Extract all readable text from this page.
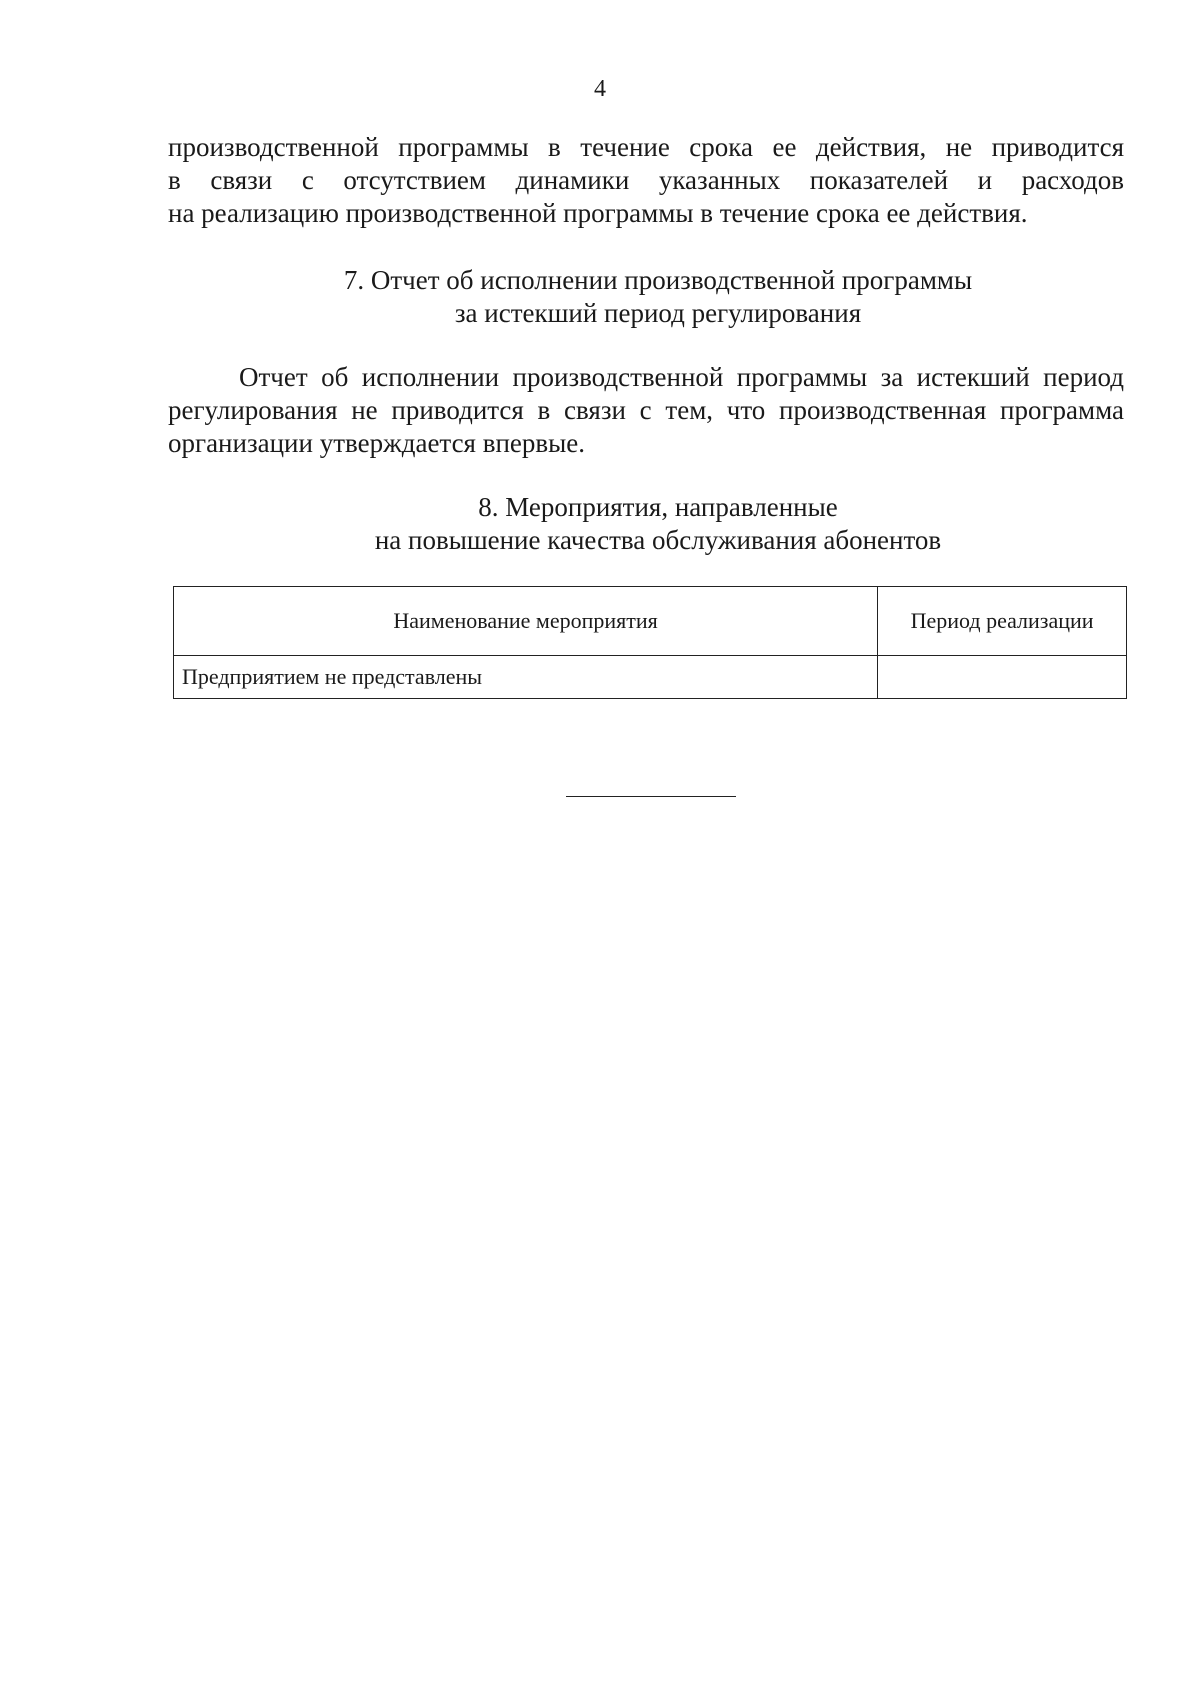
4
производственной программы в течение срока ее действия, не приводится
в связи с отсутствием динамики указанных показателей и расходов
на реализацию производственной программы в течение срока ее действия.
7. Отчет об исполнении производственной программы
за истекший период регулирования
Отчет об исполнении производственной программы за истекший период
регулирования не приводится в связи с тем, что производственная программа
организации утверждается впервые.
8. Мероприятия, направленные
на повышение качества обслуживания абонентов
Наименование мероприятия	Период реализации
Предприятием не представлены	
